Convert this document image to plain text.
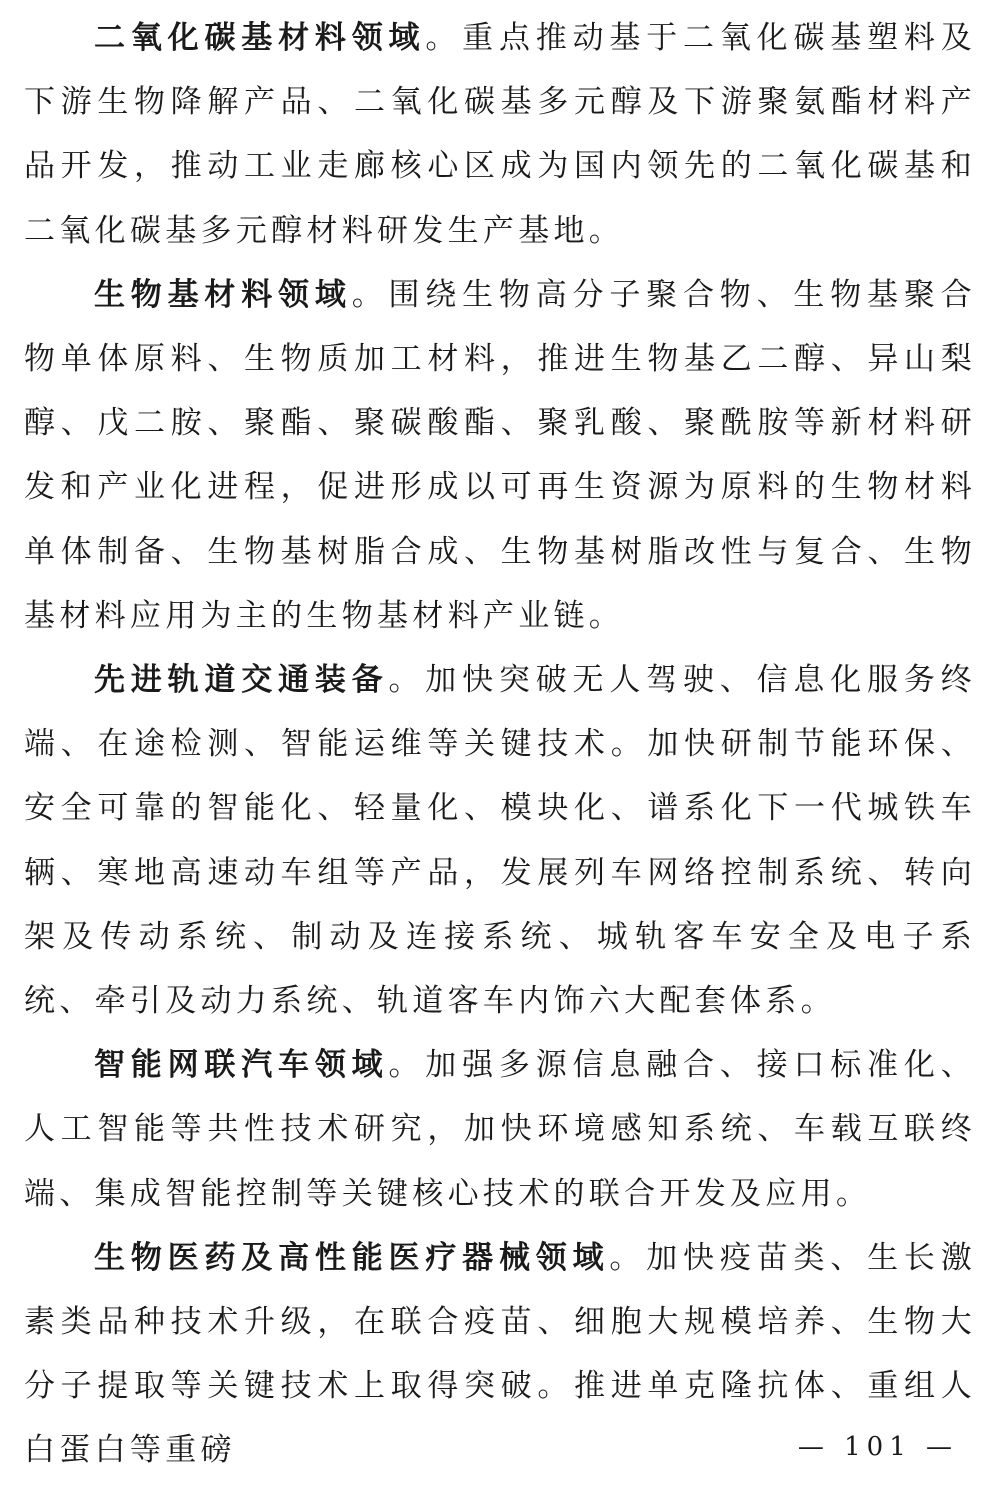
二氧化碳基材料领域。重点推动基于二氧化碳基塑料及下游生物降解产品、二氧化碳基多元醇及下游聚氨酯材料产品开发，推动工业走廊核心区成为国内领先的二氧化碳基和二氧化碳基多元醇材料研发生产基地。

生物基材料领域。围绕生物高分子聚合物、生物基聚合物单体原料、生物质加工材料，推进生物基乙二醇、异山梨醇、戊二胺、聚酯、聚碳酸酯、聚乳酸、聚酰胺等新材料研发和产业化进程，促进形成以可再生资源为原料的生物材料单体制备、生物基树脂合成、生物基树脂改性与复合、生物基材料应用为主的生物基材料产业链。

先进轨道交通装备。加快突破无人驾驶、信息化服务终端、在途检测、智能运维等关键技术。加快研制节能环保、安全可靠的智能化、轻量化、模块化、谱系化下一代城铁车辆、寒地高速动车组等产品，发展列车网络控制系统、转向架及传动系统、制动及连接系统、城轨客车安全及电子系统、牵引及动力系统、轨道客车内饰六大配套体系。

智能网联汽车领域。加强多源信息融合、接口标准化、人工智能等共性技术研究，加快环境感知系统、车载互联终端、集成智能控制等关键核心技术的联合开发及应用。

生物医药及高性能医疗器械领域。加快疫苗类、生长激素类品种技术升级，在联合疫苗、细胞大规模培养、生物大分子提取等关键技术上取得突破。推进单克隆抗体、重组人白蛋白等重磅	— 101 —
